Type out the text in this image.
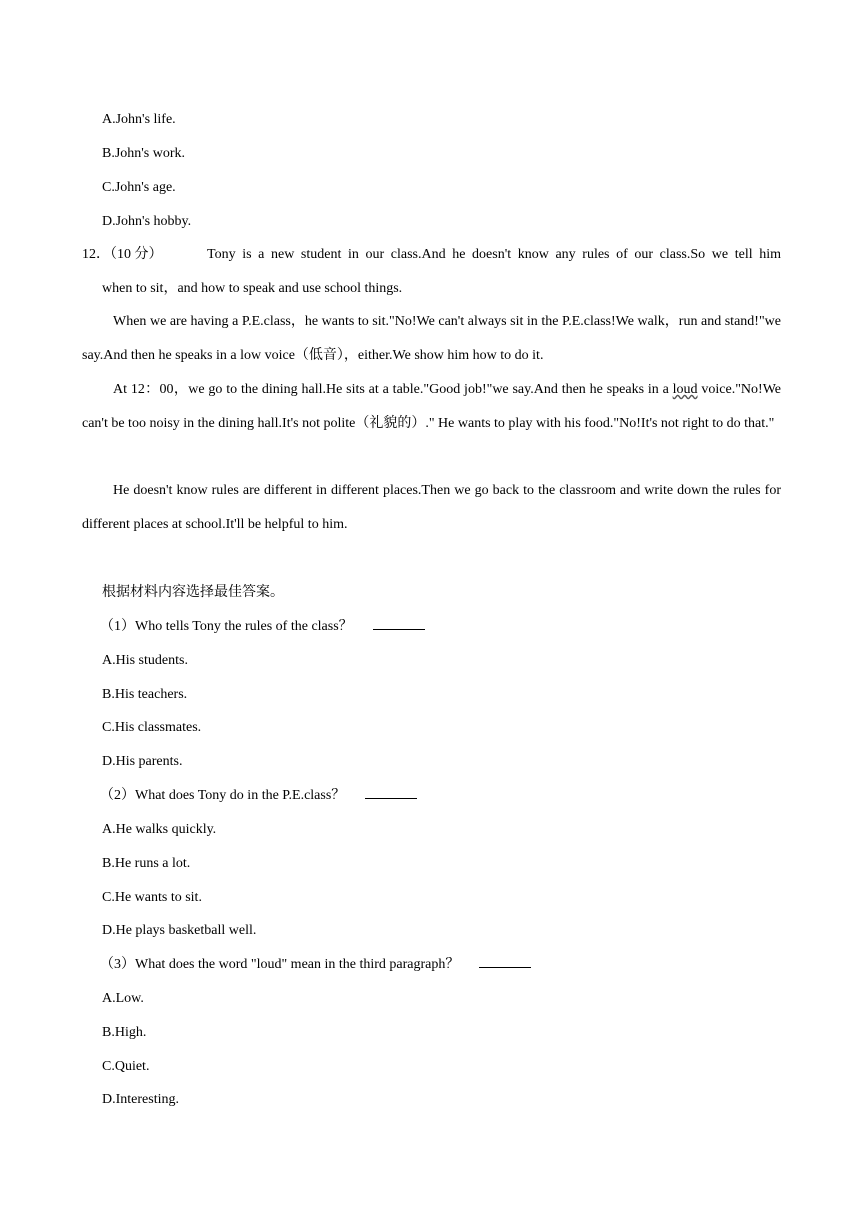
A.John's life.
B.John's work.
C.John's age.
D.John's hobby.
12．（10 分）	Tony is a new student in our class.And he doesn't know any rules of our class.So we tell him
when to sit，and how to speak and use school things.
When we are having a P.E.class，he wants to sit."No!We can't always sit in the P.E.class!We walk，run and stand!"we say.And then he speaks in a low voice（低音），either.We show him how to do it.
At 12：00，we go to the dining hall.He sits at a table."Good job!"we say.And then he speaks in a loud voice."No!We can't be too noisy in the dining hall.It's not polite（礼貌的）." He wants to play with his food."No!It's not right to do that."
He doesn't know rules are different in different places.Then we go back to the classroom and write down the rules for different places at school.It'll be helpful to him.
根据材料内容选择最佳答案。
（1）Who tells Tony the rules of the class？
A.His students.
B.His teachers.
C.His classmates.
D.His parents.
（2）What does Tony do in the P.E.class？
A.He walks quickly.
B.He runs a lot.
C.He wants to sit.
D.He plays basketball well.
（3）What does the word "loud" mean in the third paragraph？
A.Low.
B.High.
C.Quiet.
D.Interesting.
